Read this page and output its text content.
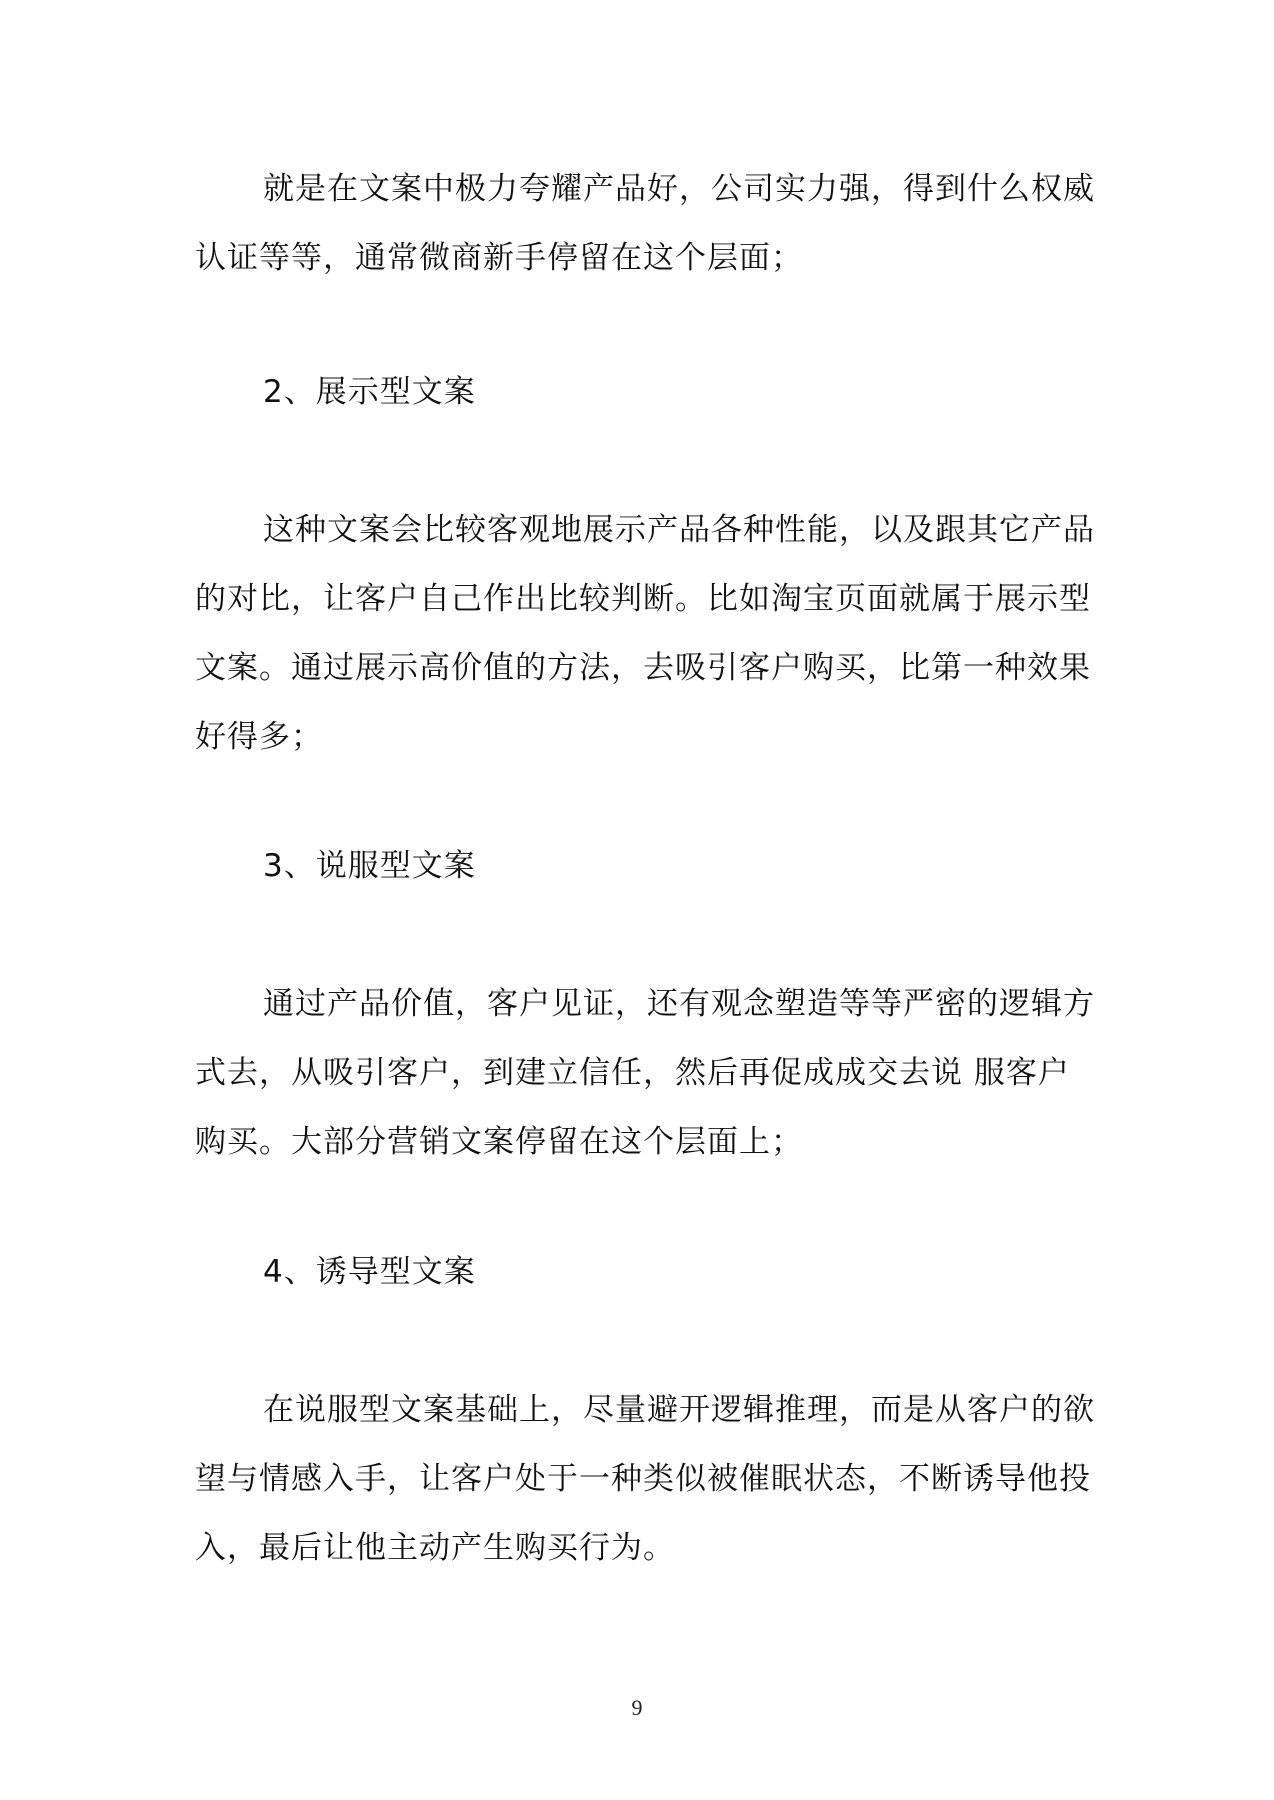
就是在文案中极力夸耀产品好，公司实力强，得到什么权威认证等等，通常微商新手停留在这个层面；

2、展示型文案

这种文案会比较客观地展示产品各种性能，以及跟其它产品的对比，让客户自己作出比较判断。比如淘宝页面就属于展示型文案。通过展示高价值的方法，去吸引客户购买，比第一种效果好得多；

3、说服型文案

通过产品价值，客户见证，还有观念塑造等等严密的逻辑方式去，从吸引客户，到建立信任，然后再促成成交去说 服客户购买。大部分营销文案停留在这个层面上；

4、诱导型文案

在说服型文案基础上，尽量避开逻辑推理，而是从客户的欲望与情感入手，让客户处于一种类似被催眠状态，不断诱导他投入，最后让他主动产生购买行为。

9
